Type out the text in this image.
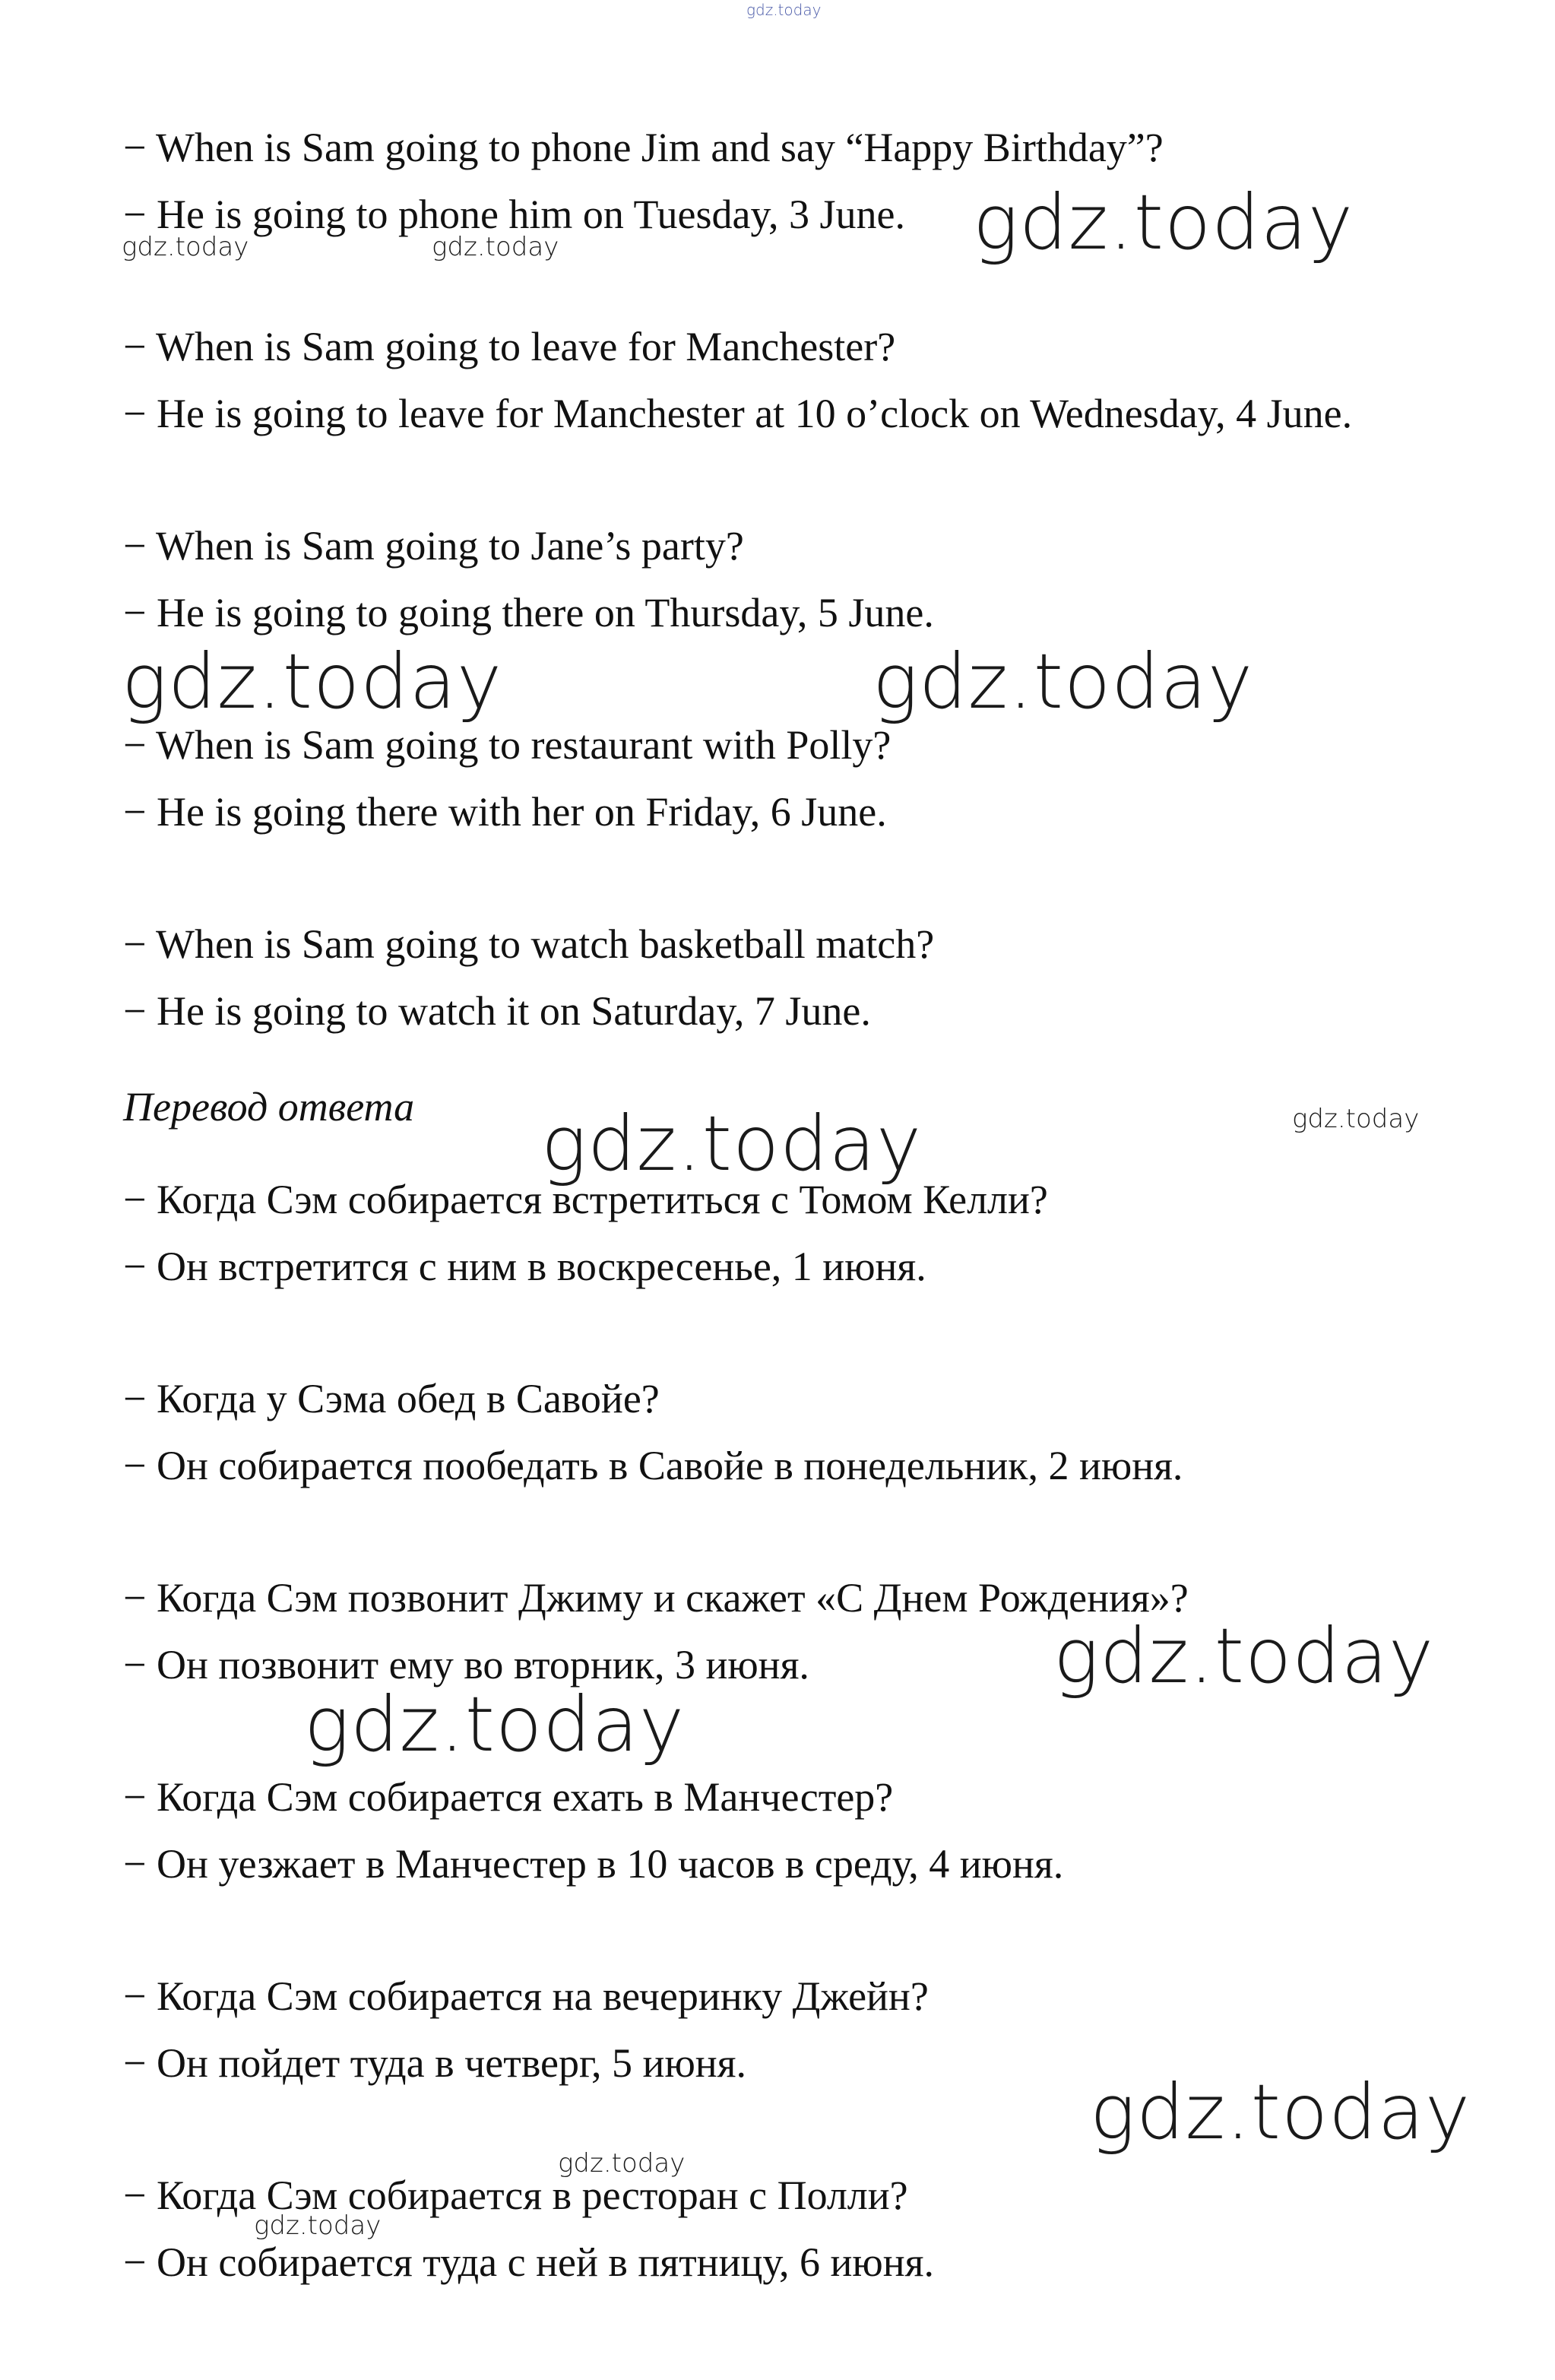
gdz.today
− When is Sam going to phone Jim and say “Happy Birthday”?
− He is going to phone him on Tuesday, 3 June.
− When is Sam going to leave for Manchester?
− He is going to leave for Manchester at 10 o’clock on Wednesday, 4 June.
− When is Sam going to Jane’s party?
− He is going to going there on Thursday, 5 June.
− When is Sam going to restaurant with Polly?
− He is going there with her on Friday, 6 June.
− When is Sam going to watch basketball match?
− He is going to watch it on Saturday, 7 June.
Перевод ответа
− Когда Сэм собирается встретиться с Томом Келли?
− Он встретится с ним в воскресенье, 1 июня.
− Когда у Сэма обед в Савойе?
− Он собирается пообедать в Савойе в понедельник, 2 июня.
− Когда Сэм позвонит Джиму и скажет «С Днем Рождения»?
− Он позвонит ему во вторник, 3 июня.
− Когда Сэм собирается ехать в Манчестер?
− Он уезжает в Манчестер в 10 часов в среду, 4 июня.
− Когда Сэм собирается на вечеринку Джейн?
− Он пойдет туда в четверг, 5 июня.
− Когда Сэм собирается в ресторан с Полли?
− Он собирается туда с ней в пятницу, 6 июня.
gdz.today
gdz.today	gdz.today
gdz.today	gdz.today
gdz.today	gdz.today
gdz.today
gdz.today
gdz.today
gdz.today
gdz.today
